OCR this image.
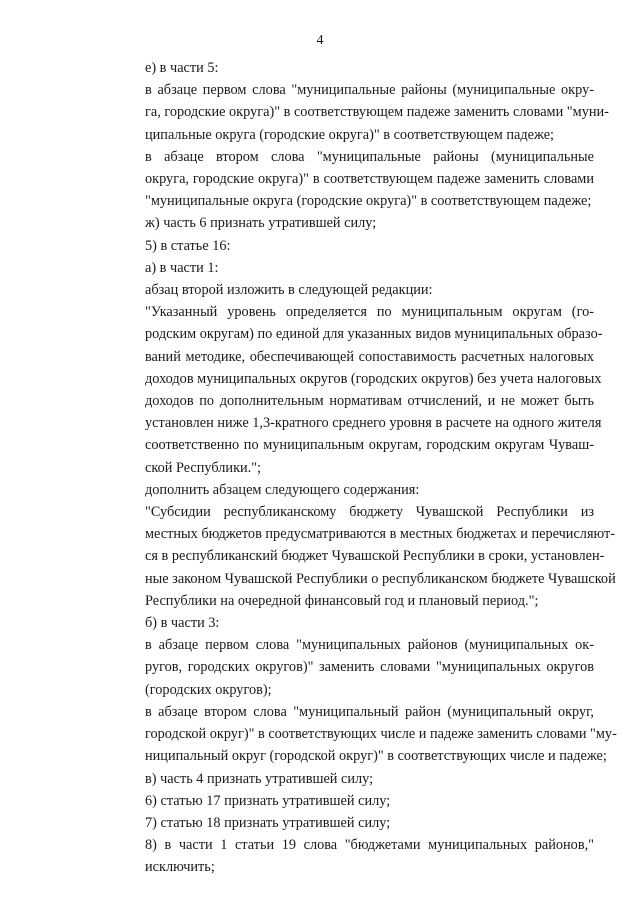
4

е) в части 5:

в абзаце первом слова "муниципальные районы (муниципальные окру-
га, городские округа)" в соответствующем падеже заменить словами "муни-
ципальные округа (городские округа)" в соответствующем падеже;

в абзаце втором слова "муниципальные районы (муниципальные
округа, городские округа)" в соответствующем падеже заменить словами
"муниципальные округа (городские округа)" в соответствующем падеже;

ж) часть 6 признать утратившей силу;

5) в статье 16:

а) в части 1:

абзац второй изложить в следующей редакции:

"Указанный уровень определяется по муниципальным округам (го-
родским округам) по единой для указанных видов муниципальных образо-
ваний методике, обеспечивающей сопоставимость расчетных налоговых
доходов муниципальных округов (городских округов) без учета налоговых
доходов по дополнительным нормативам отчислений, и не может быть
установлен ниже 1,3-кратного среднего уровня в расчете на одного жителя
соответственно по муниципальным округам, городским округам Чуваш-
ской Республики.";

дополнить абзацем следующего содержания:

"Субсидии республиканскому бюджету Чувашской Республики из
местных бюджетов предусматриваются в местных бюджетах и перечисляют-
ся в республиканский бюджет Чувашской Республики в сроки, установлен-
ные законом Чувашской Республики о республиканском бюджете Чувашской
Республики на очередной финансовый год и плановый период.";

б) в части 3:

в абзаце первом слова "муниципальных районов (муниципальных ок-
ругов, городских округов)" заменить словами "муниципальных округов
(городских округов);

в абзаце втором слова "муниципальный район (муниципальный округ,
городской округ)" в соответствующих числе и падеже заменить словами "му-
ниципальный округ (городской округ)" в соответствующих числе и падеже;

в) часть 4 признать утратившей силу;

6) статью 17 признать утратившей силу;

7) статью 18 признать утратившей силу;

8) в части 1 статьи 19 слова "бюджетами муниципальных районов,"
исключить;
